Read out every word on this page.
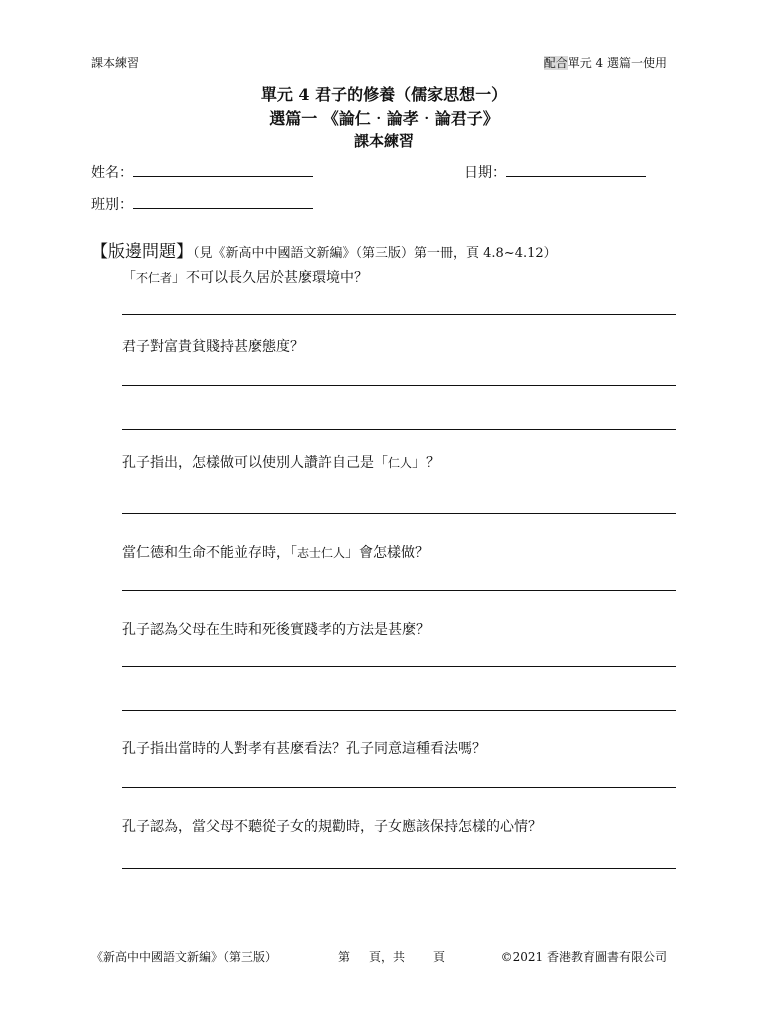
課本練習	配合單元 4 選篇一使用
單元 4 君子的修養（儒家思想一）
選篇一 《論仁‧論孝‧論君子》
課本練習
姓名：	日期：
班別：
【版邊問題】（見《新高中中國語文新編》（第三版）第一冊，頁 4.8~4.12）
「不仁者」不可以長久居於甚麼環境中？
君子對富貴貧賤持甚麼態度？
孔子指出，怎樣做可以使別人讚許自己是「仁人」？
當仁德和生命不能並存時，「志士仁人」會怎樣做？
孔子認為父母在生時和死後實踐孝的方法是甚麼？
孔子指出當時的人對孝有甚麼看法？孔子同意這種看法嗎？
孔子認為，當父母不聽從子女的規勸時，子女應該保持怎樣的心情？
《新高中中國語文新編》（第三版）	第 頁，共 頁	©2021 香港教育圖書有限公司
